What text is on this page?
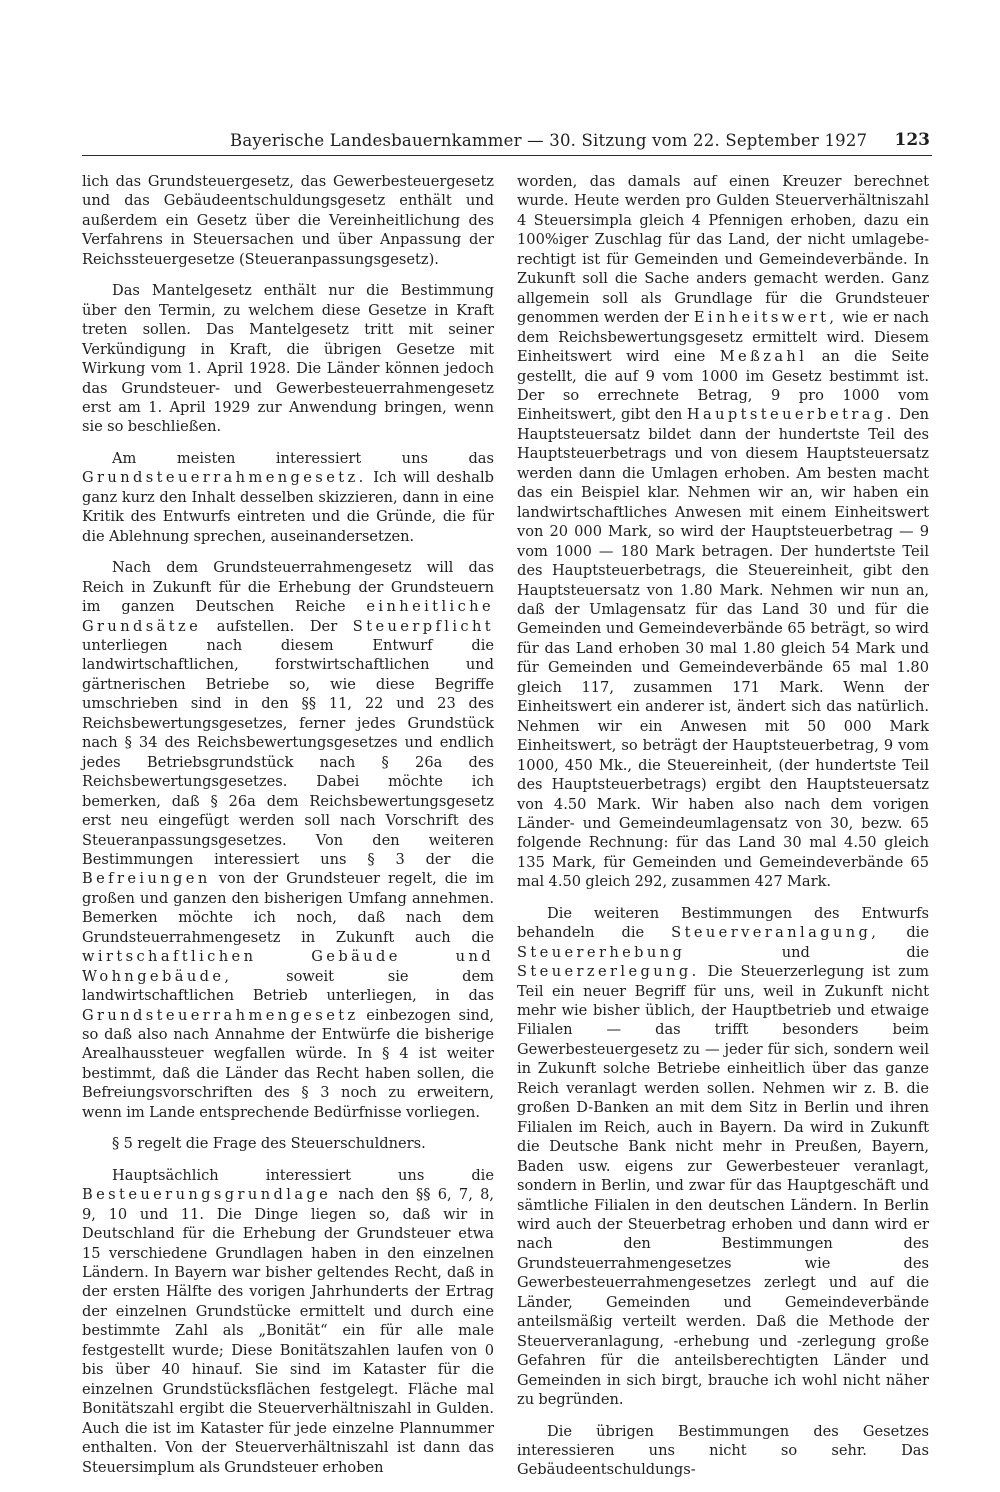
Bayerische Landesbauernkammer — 30. Sitzung vom 22. September 1927 123

lich das Grundsteuergesetz, das Gewerbesteuergesetz und das Gebäudeentschuldungsgesetz enthält und außerdem ein Gesetz über die Vereinheitlichung des Verfahrens in Steuersachen und über Anpassung der Reichssteuergesetze (Steueranpassungsgesetz).

Das Mantelgesetz enthält nur die Bestimmung über den Termin, zu welchem diese Gesetze in Kraft treten sollen. Das Mantelgesetz tritt mit seiner Verkündigung in Kraft, die übrigen Gesetze mit Wirkung vom 1. April 1928. Die Länder können jedoch das Grundsteuer- und Gewerbesteuerrahmengesetz erst am 1. April 1929 zur Anwendung bringen, wenn sie so beschließen.

Am meisten interessiert uns das Grundsteuerrahmengesetz. Ich will deshalb ganz kurz den Inhalt desselben skizzieren, dann in eine Kritik des Entwurfs eintreten und die Gründe, die für die Ablehnung sprechen, auseinandersetzen.

Nach dem Grundsteuerrahmengesetz will das Reich in Zukunft für die Erhebung der Grundsteuern im ganzen Deutschen Reiche einheitliche Grundsätze aufstellen. Der Steuerpflicht unterliegen nach diesem Entwurf die landwirtschaftlichen, forstwirtschaftlichen und gärtnerischen Betriebe so, wie diese Begriffe umschrieben sind in den §§ 11, 22 und 23 des Reichsbewertungsgesetzes, ferner jedes Grundstück nach § 34 des Reichsbewertungsgesetzes und endlich jedes Betriebsgrundstück nach § 26a des Reichsbewertungsgesetzes. Dabei möchte ich bemerken, daß § 26a dem Reichsbewertungsgesetz erst neu eingefügt werden soll nach Vorschrift des Steueranpassungsgesetzes. Von den weiteren Bestimmungen interessiert uns § 3 der die Befreiungen von der Grundsteuer regelt, die im großen und ganzen den bisherigen Umfang annehmen. Bemerken möchte ich noch, daß nach dem Grundsteuerrahmengesetz in Zukunft auch die wirtschaftlichen Gebäude und Wohngebäude,	soweit sie dem landwirtschaftlichen Betrieb unterliegen, in das Grundsteuerrahmengesetz einbezogen sind, so daß also nach Annahme der Entwürfe die bisherige Arealhaussteuer wegfallen würde. In § 4 ist weiter bestimmt, daß die Länder das Recht haben sollen, die Befreiungsvorschriften des § 3 noch zu erweitern, wenn im Lande entsprechende Bedürfnisse vorliegen.

§ 5 regelt die Frage des Steuerschuldners.

Hauptsächlich interessiert uns die Besteuerungsgrundlage nach den §§ 6, 7, 8, 9, 10 und 11. Die Dinge liegen so, daß wir in Deutschland für die Erhebung der Grundsteuer etwa 15 verschiedene Grundlagen haben in den einzelnen Ländern. In Bayern war bisher geltendes Recht, daß in der ersten Hälfte des vorigen Jahrhunderts der Ertrag der einzelnen Grundstücke ermittelt und durch eine bestimmte Zahl als „Bonität“ ein für alle male festgestellt wurde; Diese Bonitätszahlen laufen von 0 bis über 40 hinauf. Sie sind im Kataster für die einzelnen Grundstücksflächen festgelegt. Fläche mal Bonitätszahl ergibt die Steuerverhältniszahl in Gulden. Auch die ist im Kataster für jede einzelne Plannummer enthalten. Von der Steuerverhältniszahl ist dann das Steuersimplum als Grundsteuer erhoben

worden, das damals auf einen Kreuzer berechnet wurde. Heute werden pro Gulden Steuerverhältniszahl 4 Steuersimpla gleich 4 Pfennigen erhoben, dazu ein 100%iger Zuschlag für das Land, der nicht umlagebe- rechtigt ist für Gemeinden und Gemeindeverbände. In Zukunft soll die Sache anders gemacht werden. Ganz allgemein soll als Grundlage für die Grundsteuer genommen werden der Einheitswert, wie er nach dem Reichsbewertungsgesetz ermittelt wird. Diesem Einheitswert wird eine Meßzahl an die Seite gestellt, die auf 9 vom 1000 im Gesetz bestimmt ist. Der so errechnete Betrag, 9 pro 1000 vom Einheitswert, gibt den Hauptsteuerbetrag. Den Hauptsteuersatz bildet dann der hundertste Teil des Hauptsteuerbetrags und von diesem Hauptsteuersatz werden dann die Umlagen erhoben. Am besten macht das ein Beispiel klar. Nehmen wir an, wir haben ein landwirtschaftliches Anwesen mit einem Einheitswert von 20 000 Mark, so wird der Hauptsteuerbetrag — 9 vom 1000 — 180 Mark betragen. Der hundertste Teil des Hauptsteuerbetrags, die Steuereinheit, gibt den Hauptsteuersatz von 1.80 Mark. Nehmen wir nun an, daß der Umlagensatz für das Land 30 und für die Gemeinden und Gemeindeverbände 65 beträgt, so wird für das Land erhoben 30 mal 1.80 gleich 54 Mark und für Gemeinden und Gemeindeverbände 65 mal 1.80 gleich 117, zusammen 171 Mark. Wenn der Einheitswert ein anderer ist, ändert sich das natürlich. Nehmen wir ein Anwesen mit 50 000 Mark Einheitswert, so beträgt der Hauptsteuerbetrag, 9 vom 1000, 450 Mk., die Steuereinheit, (der hundertste Teil des Hauptsteuerbetrags) ergibt den Hauptsteuersatz von 4.50 Mark. Wir haben also nach dem vorigen Länder- und Gemeindeumlagensatz von 30, bezw. 65 folgende Rechnung: für das Land 30 mal 4.50 gleich 135 Mark, für Gemeinden und Gemeindeverbände 65 mal 4.50 gleich 292, zusammen 427 Mark.

Die weiteren Bestimmungen des Entwurfs behandeln die Steuerveranlagung, die Steuererhebung	und die Steuerzerlegung. Die Steuerzerlegung ist zum Teil ein neuer Begriff für uns, weil in Zukunft nicht mehr wie bisher üblich, der Hauptbetrieb und etwaige Filialen — das trifft besonders beim Gewerbesteuergesetz zu — jeder für sich, sondern weil in Zukunft solche Betriebe einheitlich über das ganze Reich veranlagt werden sollen. Nehmen wir z. B. die großen D-Banken an mit dem Sitz in Berlin und ihren Filialen im Reich, auch in Bayern. Da wird in Zukunft die Deutsche Bank nicht mehr in Preußen, Bayern, Baden usw. eigens zur Gewerbesteuer veranlagt, sondern in Berlin, und zwar für das Hauptgeschäft und sämtliche Filialen in den deutschen Ländern. In Berlin wird auch der Steuerbetrag erhoben und dann wird er nach den Bestimmungen des Grundsteuerrahmengesetzes wie des Gewerbesteuerrahmengesetzes zerlegt und auf die Länder, Gemeinden und Gemeindeverbände anteilsmäßig verteilt werden. Daß die Methode der Steuerveranlagung, -erhebung und -zerlegung große Gefahren für die anteilsberechtigten Länder und Gemeinden in sich birgt, brauche ich wohl nicht näher zu begründen.

Die übrigen Bestimmungen des Gesetzes interessieren uns nicht so sehr. Das Gebäudeentschuldungs-
